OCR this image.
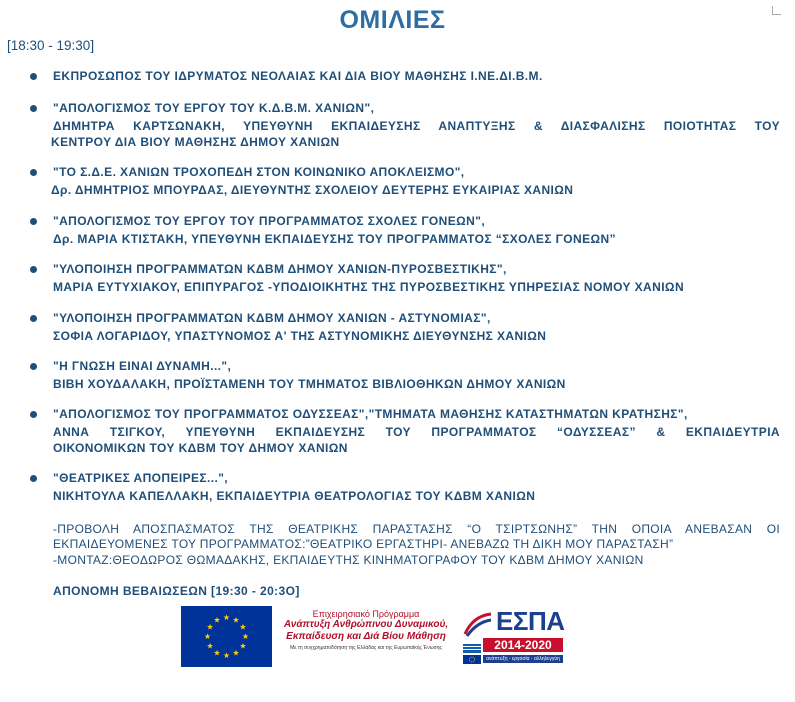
ΟΜΙΛΙΕΣ
[18:30 - 19:30]
ΕΚΠΡΟΣΩΠΟΣ ΤΟΥ ΙΔΡΥΜΑΤΟΣ ΝΕΟΛΑΙΑΣ ΚΑΙ ΔΙΑ ΒΙΟΥ ΜΑΘΗΣΗΣ Ι.ΝΕ.ΔΙ.Β.Μ.
"ΑΠΟΛΟΓΙΣΜΟΣ ΤΟΥ ΕΡΓΟΥ ΤΟΥ Κ.Δ.Β.Μ. ΧΑΝΙΩΝ",
ΔΗΜΗΤΡΑ ΚΑΡΤΣΩΝΑΚΗ, ΥΠΕΥΘΥΝΗ ΕΚΠΑΙΔΕΥΣΗΣ ΑΝΑΠΤΥΞΗΣ & ΔΙΑΣΦΑΛΙΣΗΣ ΠΟΙΟΤΗΤΑΣ ΤΟΥ
ΚΕΝΤΡΟΥ ΔΙΑ ΒΙΟΥ ΜΑΘΗΣΗΣ ΔΗΜΟΥ ΧΑΝΙΩΝ
"ΤΟ Σ.Δ.Ε. ΧΑΝΙΩΝ ΤΡΟΧΟΠΕΔΗ ΣΤΟΝ ΚΟΙΝΩΝΙΚΟ ΑΠΟΚΛΕΙΣΜΟ",
Δρ. ΔΗΜΗΤΡΙΟΣ ΜΠΟΥΡΔΑΣ, ΔΙΕΥΘΥΝΤΗΣ ΣΧΟΛΕΙΟΥ ΔΕΥΤΕΡΗΣ ΕΥΚΑΙΡΙΑΣ ΧΑΝΙΩΝ
"ΑΠΟΛΟΓΙΣΜΟΣ ΤΟΥ ΕΡΓΟΥ ΤΟΥ ΠΡΟΓΡΑΜΜΑΤΟΣ ΣΧΟΛΕΣ ΓΟΝΕΩΝ",
Δρ. ΜΑΡΙΑ ΚΤΙΣΤΑΚΗ, ΥΠΕΥΘΥΝΗ ΕΚΠΑΙΔΕΥΣΗΣ ΤΟΥ ΠΡΟΓΡΑΜΜΑΤΟΣ “ΣΧΟΛΕΣ ΓΟΝΕΩΝ”
"ΥΛΟΠΟΙΗΣΗ ΠΡΟΓΡΑΜΜΑΤΩΝ ΚΔΒΜ ΔΗΜΟΥ ΧΑΝΙΩΝ-ΠΥΡΟΣΒΕΣΤΙΚΗΣ",
ΜΑΡΙΑ ΕΥΤΥΧΙΑΚΟΥ, ΕΠΙΠΥΡΑΓΟΣ -ΥΠΟΔΙΟΙΚΗΤΗΣ ΤΗΣ ΠΥΡΟΣΒΕΣΤΙΚΗΣ ΥΠΗΡΕΣΙΑΣ ΝΟΜΟΥ ΧΑΝΙΩΝ
"ΥΛΟΠΟΙΗΣΗ ΠΡΟΓΡΑΜΜΑΤΩΝ ΚΔΒΜ ΔΗΜΟΥ ΧΑΝΙΩΝ - ΑΣΤΥΝΟΜΙΑΣ",
ΣΟΦΙΑ ΛΟΓΑΡΙΔΟΥ, ΥΠΑΣΤΥΝΟΜΟΣ Α' ΤΗΣ ΑΣΤΥΝΟΜΙΚΗΣ ΔΙΕΥΘΥΝΣΗΣ ΧΑΝΙΩΝ
"Η ΓΝΩΣΗ ΕΙΝΑΙ ΔΥΝΑΜΗ...",
ΒΙΒΗ ΧΟΥΔΑΛΑΚΗ, ΠΡΟΪΣΤΑΜΕΝΗ ΤΟΥ ΤΜΗΜΑΤΟΣ ΒΙΒΛΙΟΘΗΚΩΝ ΔΗΜΟΥ ΧΑΝΙΩΝ
"ΑΠΟΛΟΓΙΣΜΟΣ ΤΟΥ ΠΡΟΓΡΑΜΜΑΤΟΣ ΟΔΥΣΣΕΑΣ","ΤΜΗΜΑΤΑ ΜΑΘΗΣΗΣ ΚΑΤΑΣΤΗΜΑΤΩΝ ΚΡΑΤΗΣΗΣ",
ΑΝΝΑ ΤΣΙΓΚΟΥ, ΥΠΕΥΘΥΝΗ ΕΚΠΑΙΔΕΥΣΗΣ ΤΟΥ ΠΡΟΓΡΑΜΜΑΤΟΣ “ΟΔΥΣΣΕΑΣ” & ΕΚΠΑΙΔΕΥΤΡΙΑ
ΟΙΚΟΝΟΜΙΚΩΝ ΤΟΥ ΚΔΒΜ ΤΟΥ ΔΗΜΟΥ ΧΑΝΙΩΝ
"ΘΕΑΤΡΙΚΕΣ ΑΠΟΠΕΙΡΕΣ...",
ΝΙΚΗΤΟΥΛΑ ΚΑΠΕΛΛΑΚΗ, ΕΚΠΑΙΔΕΥΤΡΙΑ ΘΕΑΤΡΟΛΟΓΙΑΣ ΤΟΥ ΚΔΒΜ ΧΑΝΙΩΝ
-ΠΡΟΒΟΛΗ ΑΠΟΣΠΑΣΜΑΤΟΣ ΤΗΣ ΘΕΑΤΡΙΚΗΣ ΠΑΡΑΣΤΑΣΗΣ “Ο ΤΣΙΡΤΣΩΝΗΣ” ΤΗΝ ΟΠΟΙΑ ΑΝΕΒΑΣΑΝ ΟΙ
ΕΚΠΑΙΔΕΥΟΜΕΝΕΣ ΤΟΥ ΠΡΟΓΡΑΜΜΑΤΟΣ:”ΘΕΑΤΡΙΚΟ ΕΡΓΑΣΤΗΡΙ- ΑΝΕΒΑΖΩ ΤΗ ΔΙΚΗ ΜΟΥ ΠΑΡΑΣΤΑΣΗ”
-ΜΟΝΤΑΖ:ΘΕΟΔΩΡΟΣ ΘΩΜΑΔΑΚΗΣ, ΕΚΠΑΙΔΕΥΤΗΣ ΚΙΝΗΜΑΤΟΓΡΑΦΟΥ ΤΟΥ ΚΔΒΜ ΔΗΜΟΥ ΧΑΝΙΩΝ
ΑΠΟΝΟΜΗ ΒΕΒΑΙΩΣΕΩΝ [19:30 - 20:3Ο]
Επιχειρησιακό Πρόγραμμα
Ανάπτυξη Ανθρώπινου Δυναμικού,
Εκπαίδευση και Διά Βίου Μάθηση
Με τη συγχρηματοδότηση της Ελλάδας και της Ευρωπαϊκής Ένωσης
ΕΣΠΑ
2014-2020
ανάπτυξη - εργασία - αλληλεγγύη
